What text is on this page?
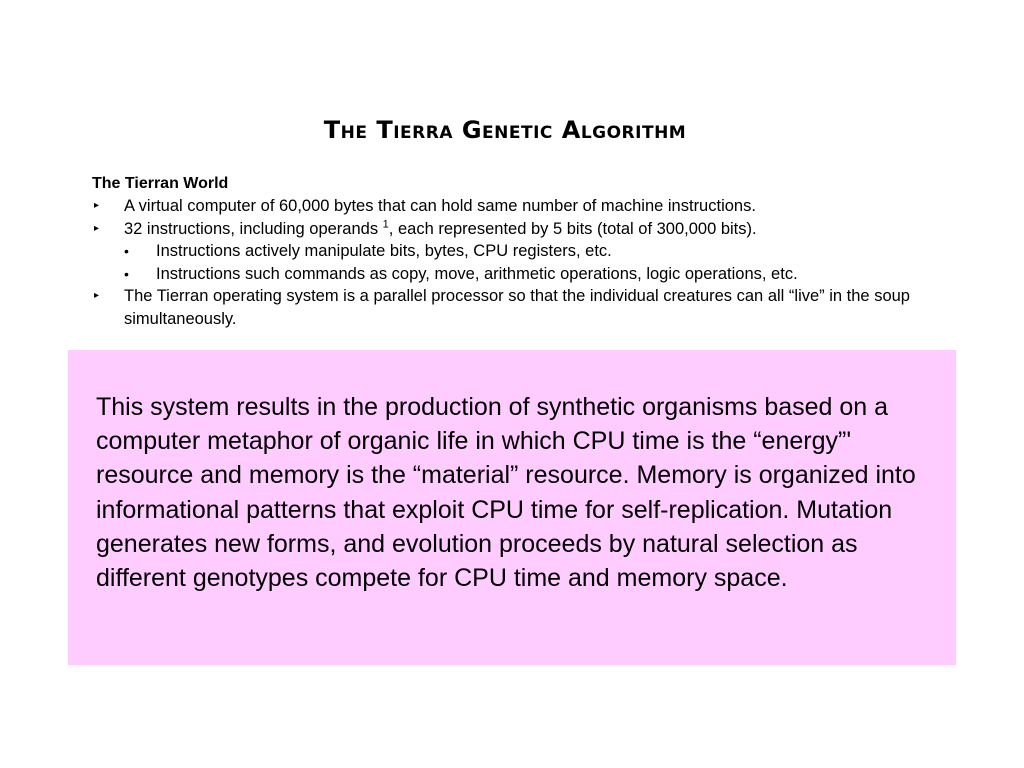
The Tierra Genetic Algorithm

The Tierran World

▸ A virtual computer of 60,000 bytes that can hold same number of machine instructions.
▸ 32 instructions, including operands $^1$, each represented by 5 bits (total of 300,000 bits).
• Instructions actively manipulate bits, bytes, CPU registers, etc.
• Instructions such commands as copy, move, arithmetic operations, logic operations, etc.
▸ The Tierran operating system is a parallel processor so that the individual creatures can all “live” in the soup simultaneously.

This system results in the production of synthetic organisms based on a computer metaphor of organic life in which CPU time is the “energy”' resource and memory is the “material” resource. Memory is organized into informational patterns that exploit CPU time for self-replication. Mutation generates new forms, and evolution proceeds by natural selection as different genotypes compete for CPU time and memory space.
